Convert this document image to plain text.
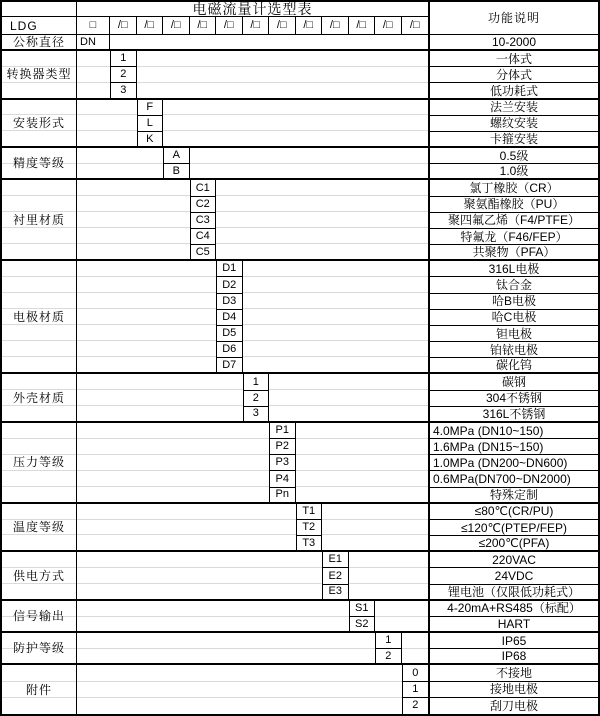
电磁流量计选型表
功能说明
LDG	□ /□ /□ /□ /□ /□ /□ /□ /□ /□ /□ /□ /□
公称直径 DN	10-2000
转换器类型
1	一体式
2	分体式
3	低功耗式
安装形式
F	法兰安装
L	螺纹安装
K	卡箍安装
精度等级
A	0.5级
B	1.0级
衬里材质
C1	氯丁橡胶（CR）
C2	聚氨酯橡胶（PU）
C3	聚四氟乙烯（F4/PTFE）
C4	特氟龙（F46/FEP）
C5	共聚物（PFA）
电极材质
D1	316L电极
D2	钛合金
D3	哈B电极
D4	哈C电极
D5	钽电极
D6	铂铱电极
D7	碳化钨
外壳材质
1	碳钢
2	304不锈钢
3	316L不锈钢
压力等级
P1	4.0MPa (DN10~150)
P2	1.6MPa (DN15~150)
P3	1.0MPa (DN200~DN600)
P4	0.6MPa(DN700~DN2000)
Pn	特殊定制
温度等级
T1	≤80℃(CR/PU)
T2	≤120℃(PTEP/FEP)
T3	≤200℃(PFA)
供电方式
E1	220VAC
E2	24VDC
E3	锂电池（仅限低功耗式）
信号输出
S1	4-20mA+RS485（标配）
S2	HART
防护等级
1	IP65
2	IP68
附件
0	不接地
1	接地电极
2	刮刀电极
